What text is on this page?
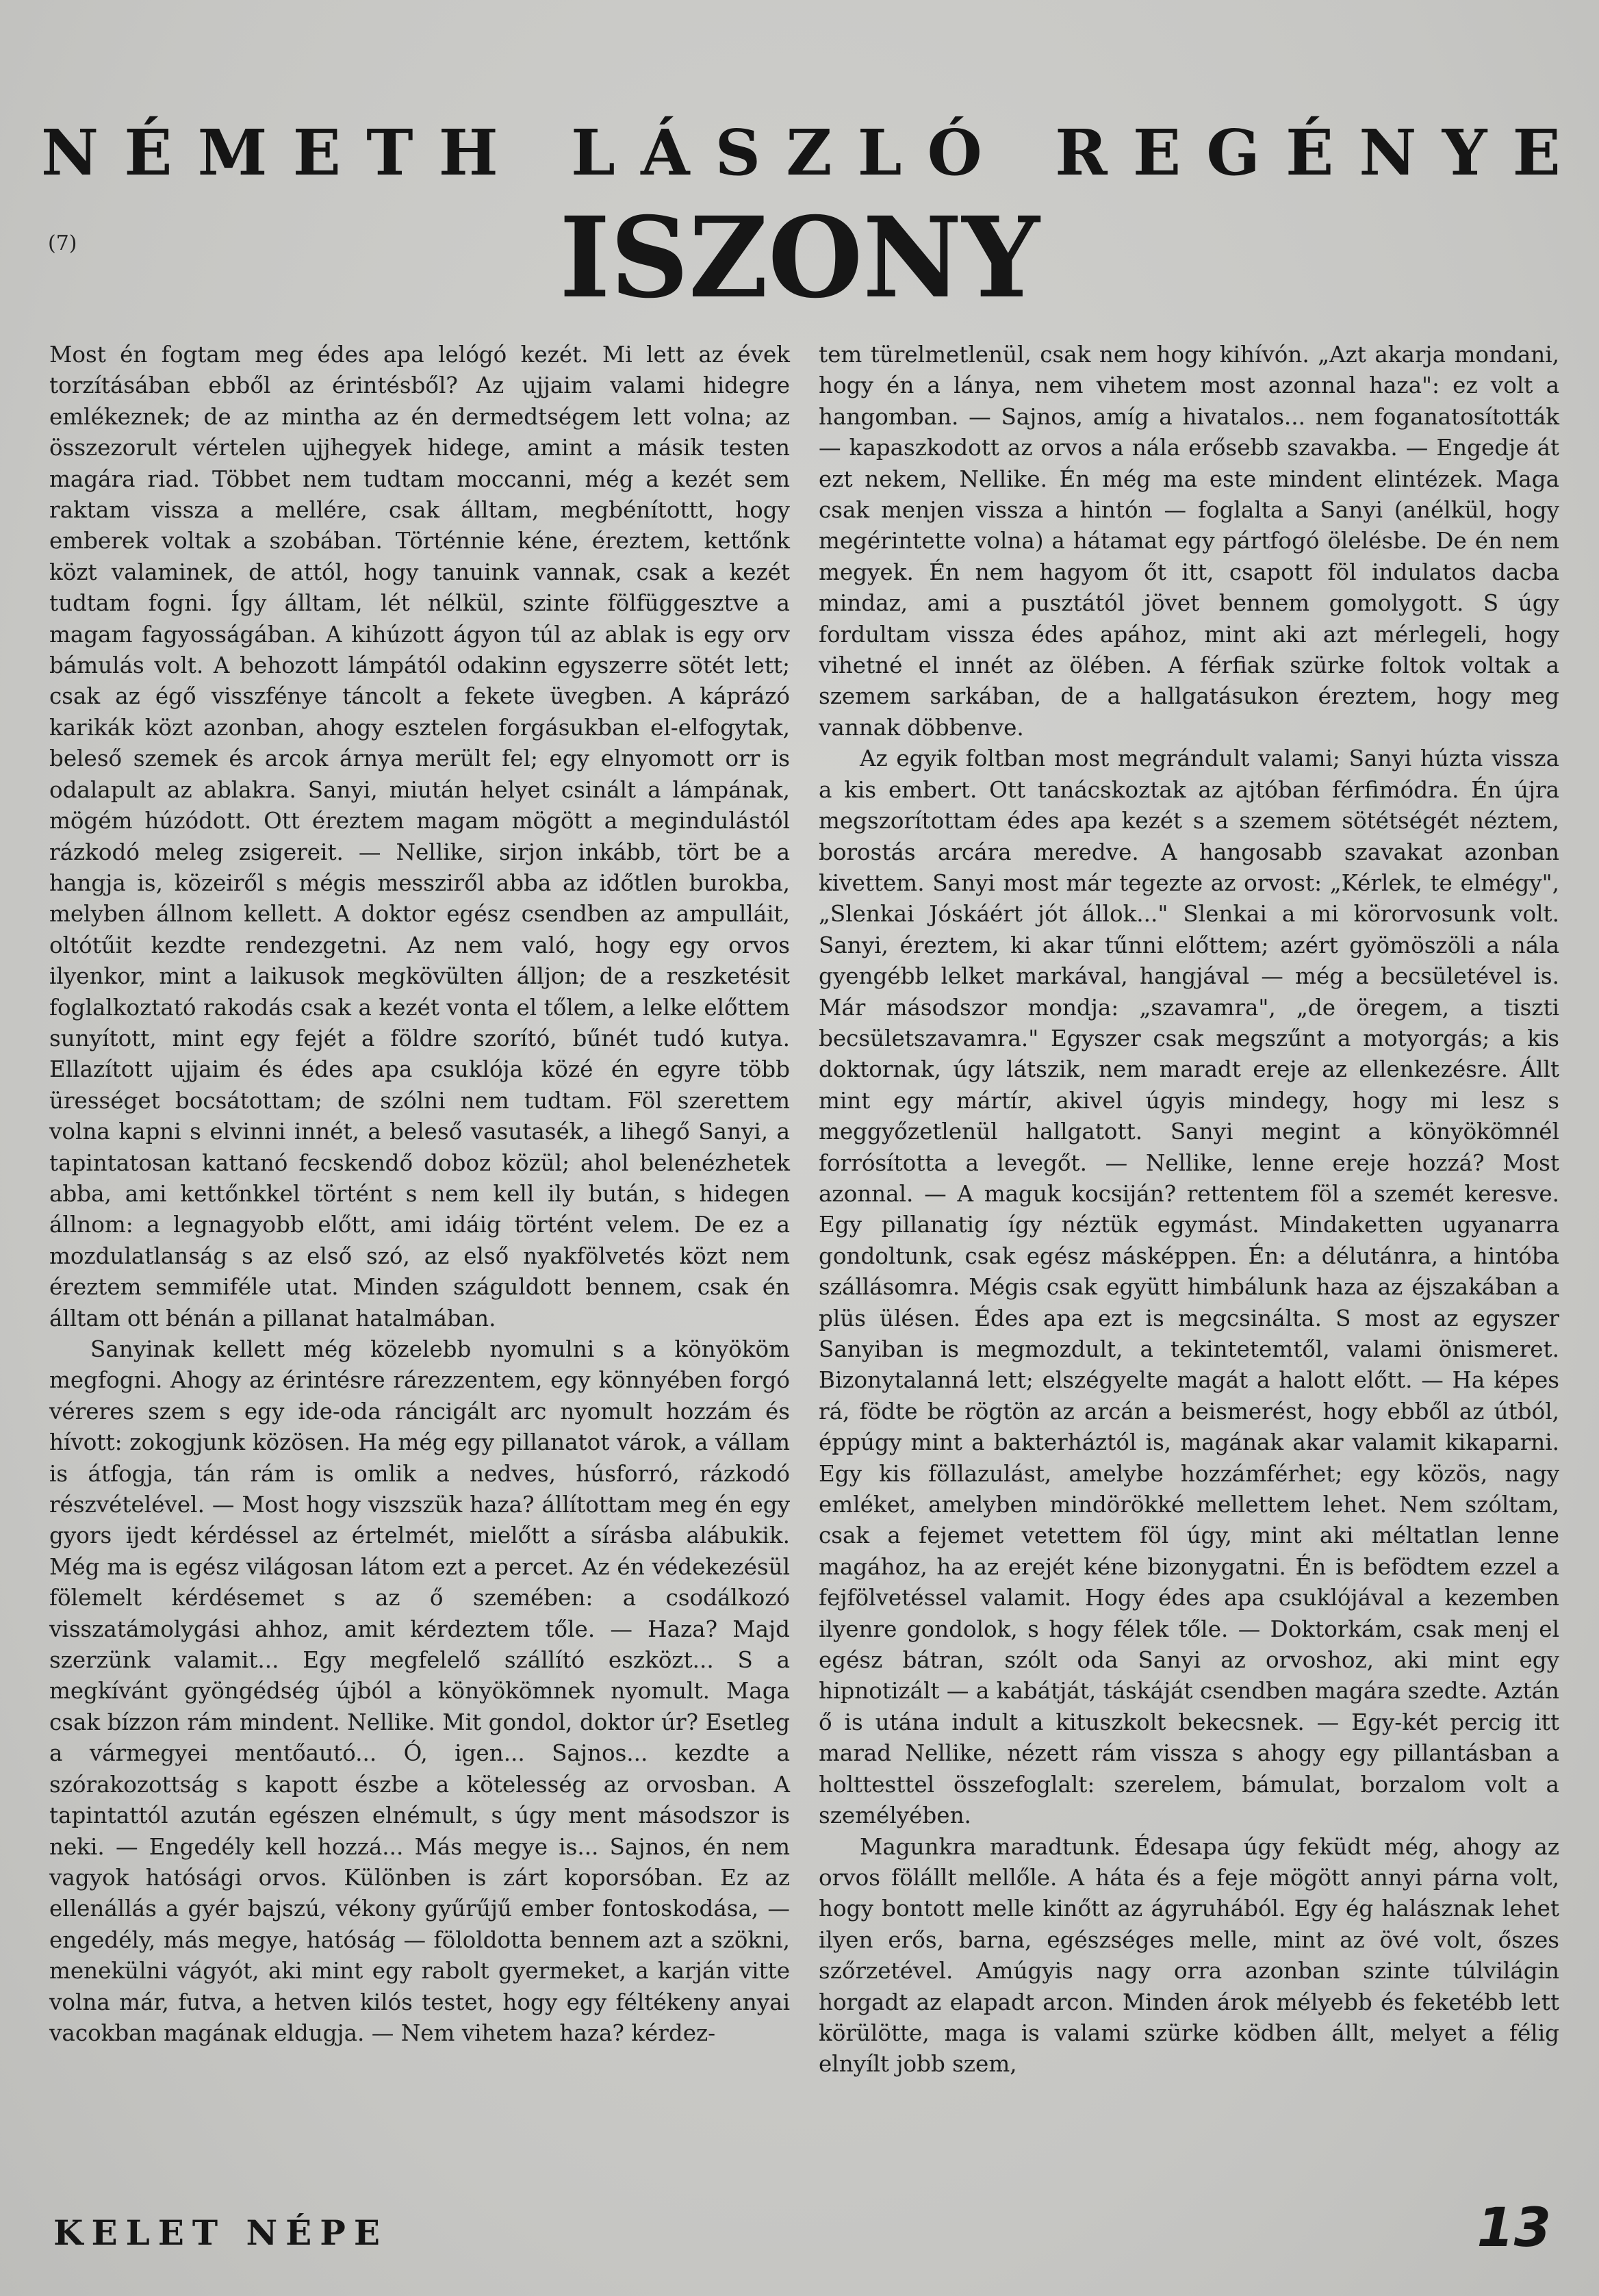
N É M E T H
L Á S Z L Ó
R E G É N Y E
(7)	ISZONY

Most én fogtam meg édes apa lelógó kezét. Mi lett az évek torzításában ebből az érintésből? Az ujjaim valami hidegre emlékeznek; de az mintha az én dermedtségem lett volna; az összezorult vértelen ujjhegyek hidege, amint a másik testen magára riad. Többet nem tudtam moccanni, még a kezét sem raktam vissza a mellére, csak álltam, megbénítottt, hogy emberek voltak a szobában. Történnie kéne, éreztem, kettőnk közt valaminek, de attól, hogy tanuink vannak, csak a kezét tudtam fogni. Így álltam, lét nélkül, szinte fölfüggesztve a magam fagyosságában. A kihúzott ágyon túl az ablak is egy orv bámulás volt. A behozott lámpától odakinn egyszerre sötét lett; csak az égő visszfénye táncolt a fekete üvegben. A káprázó karikák közt azonban, ahogy esztelen forgásukban el-elfogytak, beleső szemek és arcok árnya merült fel; egy elnyomott orr is odalapult az ablakra. Sanyi, miután helyet csinált a lámpának, mögém húzódott. Ott éreztem magam mögött a megindulástól rázkodó meleg zsigereit. — Nellike, sirjon inkább, tört be a hangja is, közeiről s mégis messziről abba az időtlen burokba, melyben állnom kellett. A doktor egész csendben az ampulláit, oltótűit kezdte rendezgetni. Az nem való, hogy egy orvos ilyenkor, mint a laikusok megkövülten álljon; de a reszketésit foglalkoztató rakodás csak a kezét vonta el tőlem, a lelke előttem sunyított, mint egy fejét a földre szorító, bűnét tudó kutya. Ellazított ujjaim és édes apa csuklója közé én egyre több ürességet bocsátottam; de szólni nem tudtam. Föl szerettem volna kapni s elvinni innét, a beleső vasutasék, a lihegő Sanyi, a tapintatosan kattanó fecskendő doboz közül; ahol belenézhetek abba, ami kettőnkkel történt s nem kell ily bután, s hidegen állnom: a legnagyobb előtt, ami idáig történt velem. De ez a mozdulatlanság s az első szó, az első nyakfölvetés közt nem éreztem semmiféle utat. Minden száguldott bennem, csak én álltam ott bénán a pillanat hatalmában.

Sanyinak kellett még közelebb nyomulni s a könyököm megfogni. Ahogy az érintésre rárezzentem, egy könnyében forgó véreres szem s egy ide-oda ráncigált arc nyomult hozzám és hívott: zokogjunk közösen. Ha még egy pillanatot várok, a vállam is átfogja, tán rám is omlik a nedves, húsforró, rázkodó részvételével. — Most hogy viszszük haza? állítottam meg én egy gyors ijedt kérdéssel az értelmét, mielőtt a sírásba alábukik. Még ma is egész világosan látom ezt a percet. Az én védekezésül fölemelt kérdésemet s az ő szemében: a csodálkozó visszatámolygási ahhoz, amit kérdeztem tőle. — Haza? Majd szerzünk valamit... Egy megfelelő szállító eszközt... S a megkívánt gyöngédség újból a könyökömnek nyomult. Maga csak bízzon rám mindent. Nellike. Mit gondol, doktor úr? Esetleg a vármegyei mentőautó... Ó, igen... Sajnos... kezdte a szórakozottság s kapott észbe a kötelesség az orvosban. A tapintattól azután egészen elnémult, s úgy ment másodszor is neki. — Engedély kell hozzá... Más megye is... Sajnos, én nem vagyok hatósági orvos. Különben is zárt koporsóban. Ez az ellenállás a gyér bajszú, vékony gyűrűjű ember fontoskodása, — engedély, más megye, hatóság — föloldotta bennem azt a szökni, menekülni vágyót, aki mint egy rabolt gyermeket, a karján vitte volna már, futva, a hetven kilós testet, hogy egy féltékeny anyai vacokban magának eldugja. — Nem vihetem haza? kérdez-

tem türelmetlenül, csak nem hogy kihívón. „Azt akarja mondani, hogy én a lánya, nem vihetem most azonnal haza": ez volt a hangomban. — Sajnos, amíg a hivatalos... nem foganatosították — kapaszkodott az orvos a nála erősebb szavakba. — Engedje át ezt nekem, Nellike. Én még ma este mindent elintézek. Maga csak menjen vissza a hintón — foglalta a Sanyi (anélkül, hogy megérintette volna) a hátamat egy pártfogó ölelésbe. De én nem megyek. Én nem hagyom őt itt, csapott föl indulatos dacba mindaz, ami a pusztától jövet bennem gomolygott. S úgy fordultam vissza édes apához, mint aki azt mérlegeli, hogy vihetné el innét az ölében. A férfiak szürke foltok voltak a szemem sarkában, de a hallgatásukon éreztem, hogy meg vannak döbbenve.

Az egyik foltban most megrándult valami; Sanyi húzta vissza a kis embert. Ott tanácskoztak az ajtóban férfimódra. Én újra megszorítottam édes apa kezét s a szemem sötétségét néztem, borostás arcára meredve. A hangosabb szavakat azonban kivettem. Sanyi most már tegezte az orvost: „Kérlek, te elmégy", „Slenkai Jóskáért jót állok..." Slenkai a mi körorvosunk volt. Sanyi, éreztem, ki akar tűnni előttem; azért gyömöszöli a nála gyengébb lelket markával, hangjával — még a becsületével is. Már másodszor mondja: „szavamra", „de öregem, a tiszti becsületszavamra." Egyszer csak megszűnt a motyorgás; a kis doktornak, úgy látszik, nem maradt ereje az ellenkezésre. Állt mint egy mártír, akivel úgyis mindegy, hogy mi lesz s meggyőzetlenül hallgatott. Sanyi megint a könyökömnél forrósította a levegőt. — Nellike, lenne ereje hozzá? Most azonnal. — A maguk kocsiján? rettentem föl a szemét keresve. Egy pillanatig így néztük egymást. Mindaketten ugyanarra gondoltunk, csak egész másképpen. Én: a délutánra, a hintóba szállásomra. Mégis csak együtt himbálunk haza az éjszakában a plüs ülésen. Édes apa ezt is megcsinálta. S most az egyszer Sanyiban is megmozdult, a tekintetemtől, valami önismeret. Bizonytalanná lett; elszégyelte magát a halott előtt. — Ha képes rá, födte be rögtön az arcán a beismerést, hogy ebből az útból, éppúgy mint a bakterháztól is, magának akar valamit kikaparni. Egy kis föllazulást, amelybe hozzámférhet; egy közös, nagy emléket, amelyben mindörökké mellettem lehet. Nem szóltam, csak a fejemet vetettem föl úgy, mint aki méltatlan lenne magához, ha az erejét kéne bizonygatni. Én is befödtem ezzel a fejfölvetéssel valamit. Hogy édes apa csuklójával a kezemben ilyenre gondolok, s hogy félek tőle. — Doktorkám, csak menj el egész bátran, szólt oda Sanyi az orvoshoz, aki mint egy hipnotizált — a kabátját, táskáját csendben magára szedte. Aztán ő is utána indult a kituszkolt bekecsnek. — Egy-két percig itt marad Nellike, nézett rám vissza s ahogy egy pillantásban a holttesttel összefoglalt: szerelem, bámulat, borzalom volt a személyében.

Magunkra maradtunk. Édesapa úgy feküdt még, ahogy az orvos fölállt mellőle. A háta és a feje mögött annyi párna volt, hogy bontott melle kinőtt az ágyruhából. Egy ég halásznak lehet ilyen erős, barna, egészséges melle, mint az övé volt, őszes szőrzetével. Amúgyis nagy orra azonban szinte túlvilágin horgadt az elapadt arcon. Minden árok mélyebb és feketébb lett körülötte, maga is valami szürke ködben állt, melyet a félig elnyílt jobb szem,

KELET NÉPE	13
